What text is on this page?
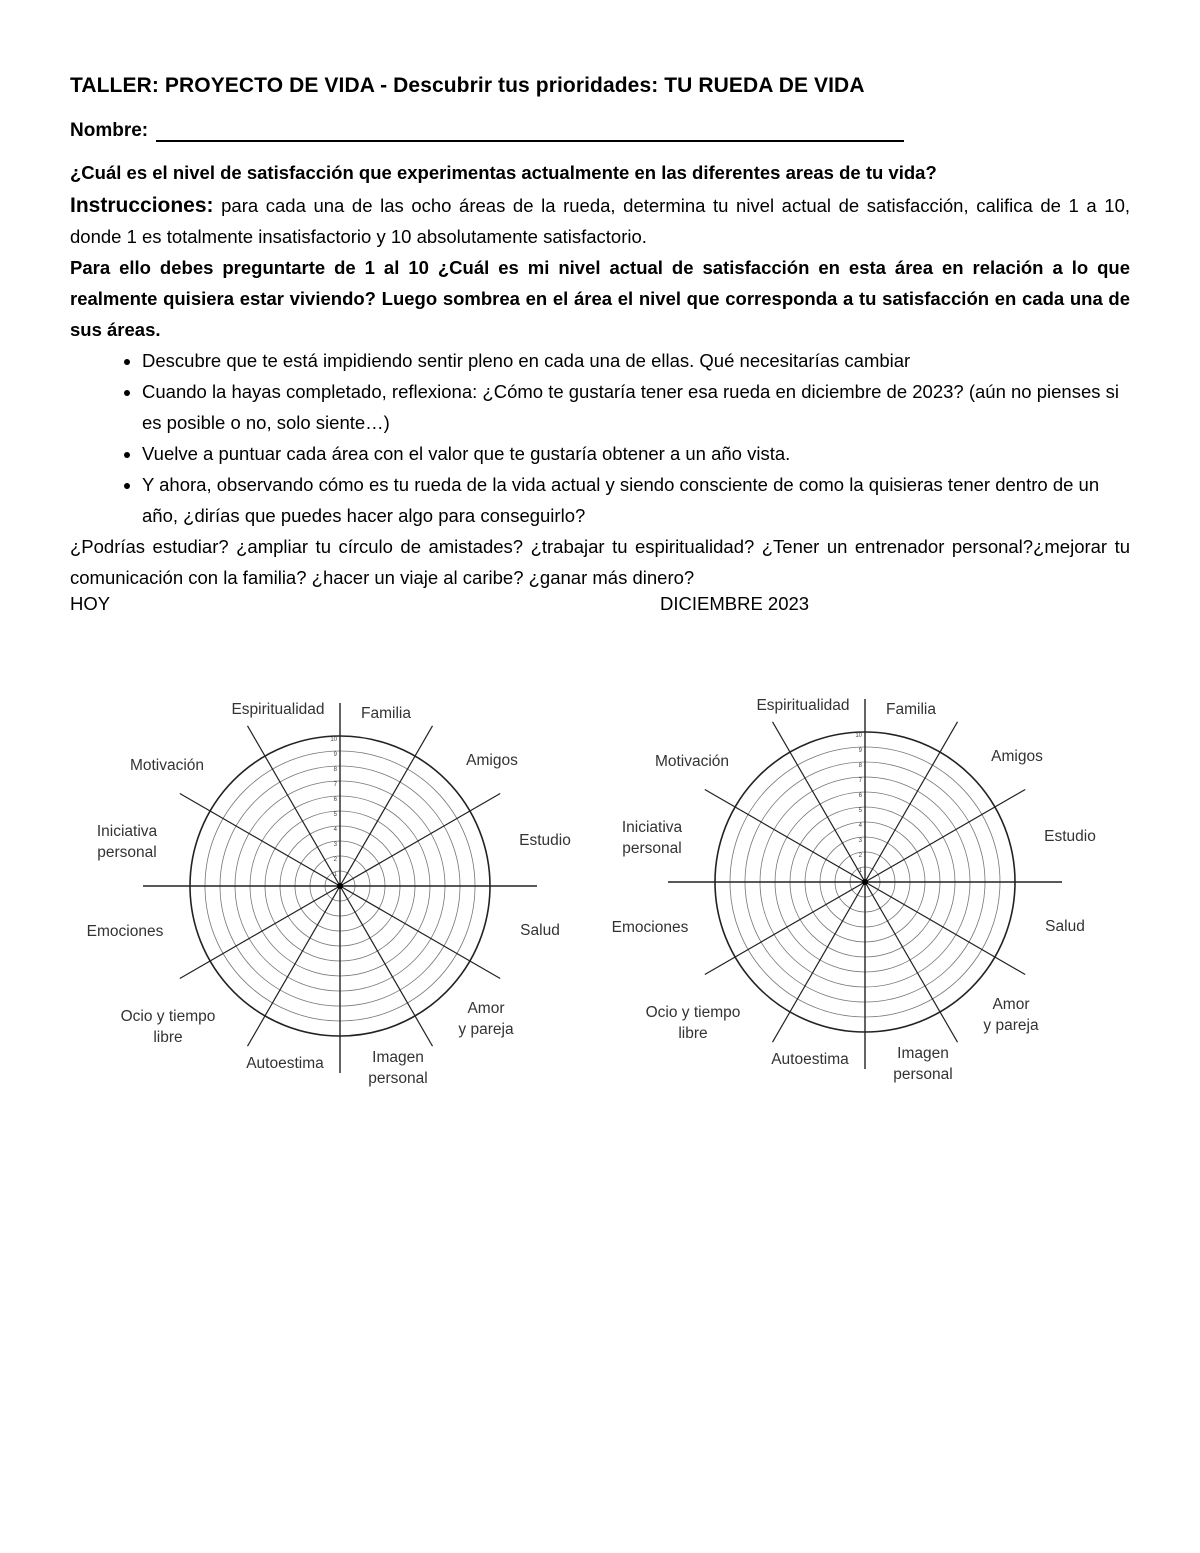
TALLER: PROYECTO DE VIDA - Descubrir tus prioridades: TU RUEDA DE VIDA
Nombre:

¿Cuál es el nivel de satisfacción que experimentas actualmente en las diferentes areas de tu vida?

Instrucciones: para cada una de las ocho áreas de la rueda, determina tu nivel actual de satisfacción, califica de 1 a 10, donde 1 es totalmente insatisfactorio y 10 absolutamente satisfactorio.

Para ello debes preguntarte de 1 al 10 ¿Cuál es mi nivel actual de satisfacción en esta área en relación a lo que realmente quisiera estar viviendo? Luego sombrea en el área el nivel que corresponda a tu satisfacción en cada una de sus áreas.

• Descubre que te está impidiendo sentir pleno en cada una de ellas. Qué necesitarías cambiar
• Cuando la hayas completado, reflexiona: ¿Cómo te gustaría tener esa rueda en diciembre de 2023? (aún no pienses si es posible o no, solo siente…)
• Vuelve a puntuar cada área con el valor que te gustaría obtener a un año vista.
• Y ahora, observando cómo es tu rueda de la vida actual y siendo consciente de como la quisieras tener dentro de un año, ¿dirías que puedes hacer algo para conseguirlo?

¿Podrías estudiar? ¿ampliar tu círculo de amistades? ¿trabajar tu espiritualidad? ¿Tener un entrenador personal?¿mejorar tu comunicación con la familia? ¿hacer un viaje al caribe? ¿ganar más dinero?

HOY	DICIEMBRE 2023
1
2
3
4
5
6
7
8
9
10
Espiritualidad Familia
Amigos
Estudio
Salud
Amor
y pareja
Imagen
personal
Autoestima
Ocio y tiempo
libre
Emociones
Iniciativa
personal
Motivación
1
2
3
4
5
6
7
8
9
10
Espiritualidad Familia
Amigos
Estudio
Salud
Amor
y pareja
Imagen
personal
Autoestima
Ocio y tiempo
libre
Emociones
Iniciativa
personal
Motivación
